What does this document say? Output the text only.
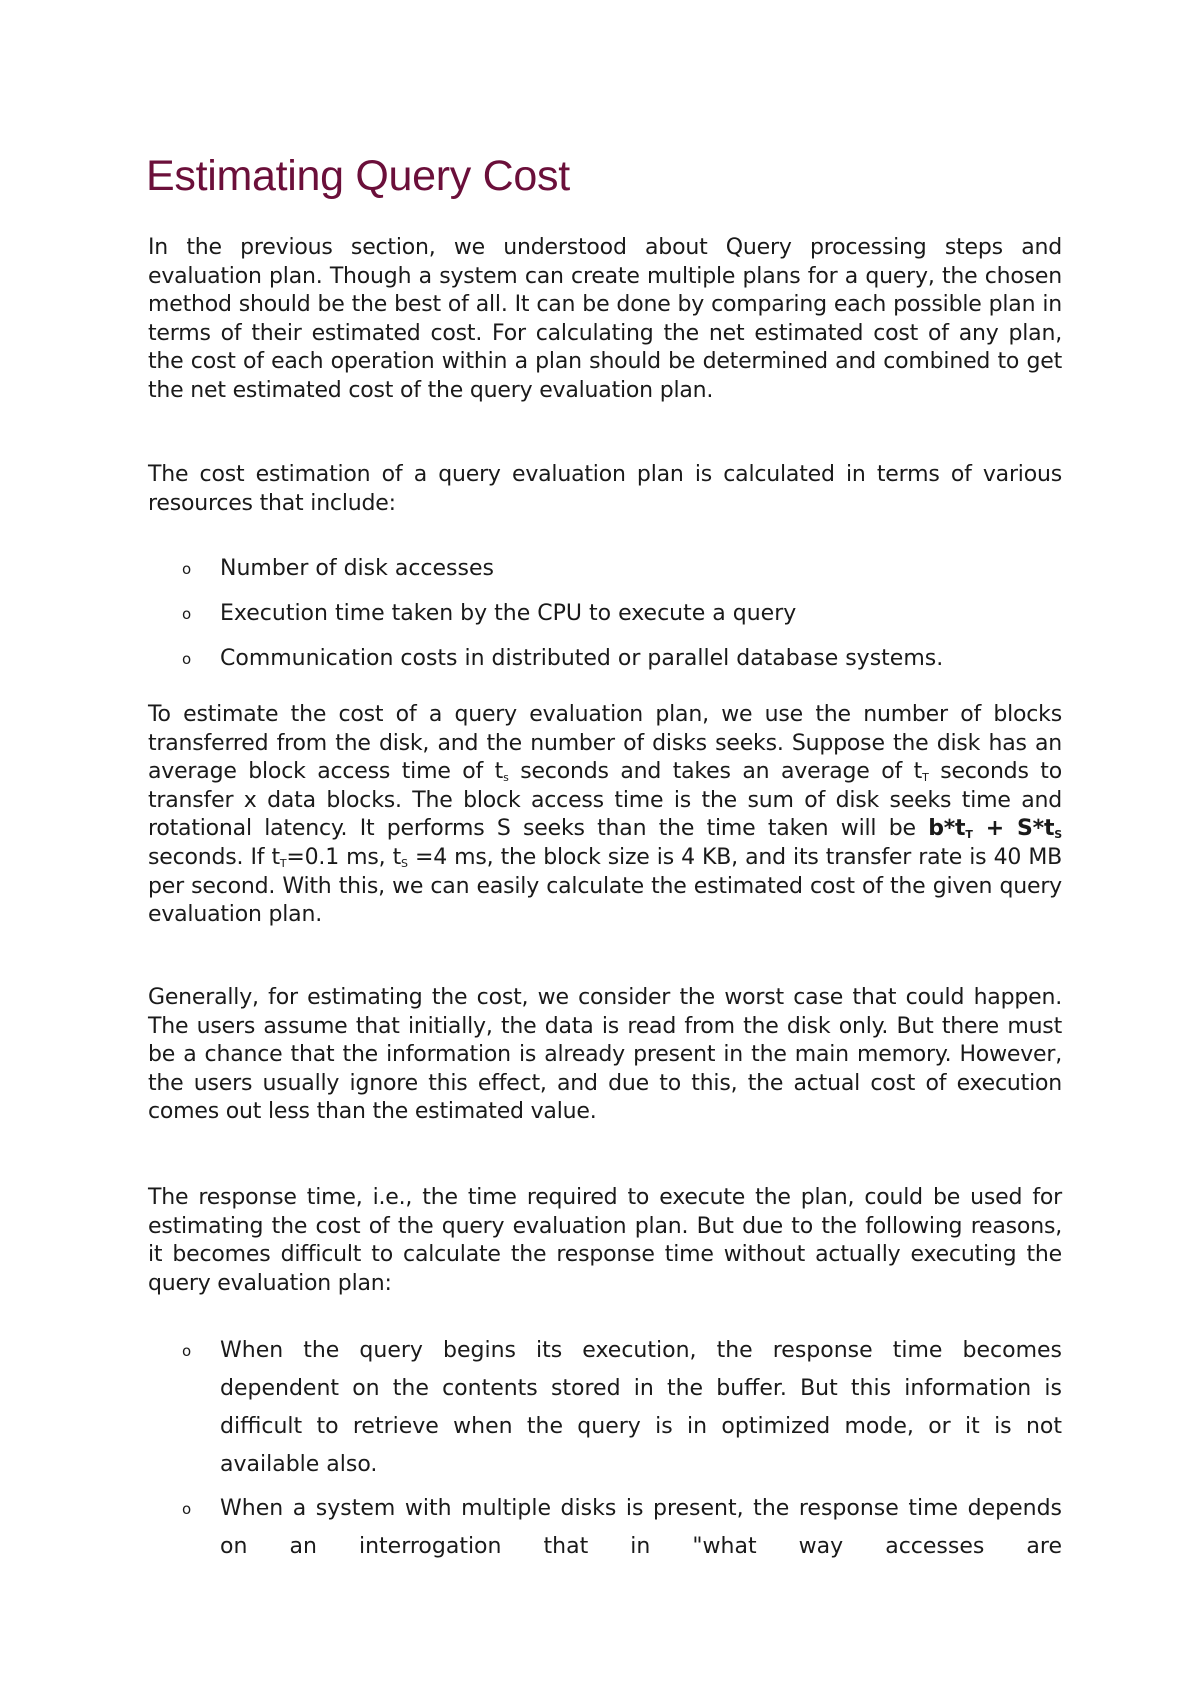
Estimating Query Cost

In the previous section, we understood about Query processing steps and evaluation plan. Though a system can create multiple plans for a query, the chosen method should be the best of all. It can be done by comparing each possible plan in terms of their estimated cost. For calculating the net estimated cost of any plan, the cost of each operation within a plan should be determined and combined to get the net estimated cost of the query evaluation plan.

The cost estimation of a query evaluation plan is calculated in terms of various resources that include:

o Number of disk accesses
o Execution time taken by the CPU to execute a query
o Communication costs in distributed or parallel database systems.

To estimate the cost of a query evaluation plan, we use the number of blocks transferred from the disk, and the number of disks seeks. Suppose the disk has an average block access time of $t_s$ seconds and takes an average of $t_T$ seconds to transfer x data blocks. The block access time is the sum of disk seeks time and rotational latency. It performs S seeks than the time taken will be $b*t_T + S*t_S$ seconds. If $t_T=0.1$ ms, $t_S =4$ ms, the block size is 4 KB, and its transfer rate is 40 MB per second. With this, we can easily calculate the estimated cost of the given query evaluation plan.

Generally, for estimating the cost, we consider the worst case that could happen. The users assume that initially, the data is read from the disk only. But there must be a chance that the information is already present in the main memory. However, the users usually ignore this effect, and due to this, the actual cost of execution comes out less than the estimated value.

The response time, i.e., the time required to execute the plan, could be used for estimating the cost of the query evaluation plan. But due to the following reasons, it becomes difficult to calculate the response time without actually executing the query evaluation plan:

o When the query begins its execution, the response time becomes dependent on the contents stored in the buffer. But this information is difficult to retrieve when the query is in optimized mode, or it is not available also.
o When a system with multiple disks is present, the response time depends on an interrogation that in "what way accesses are
